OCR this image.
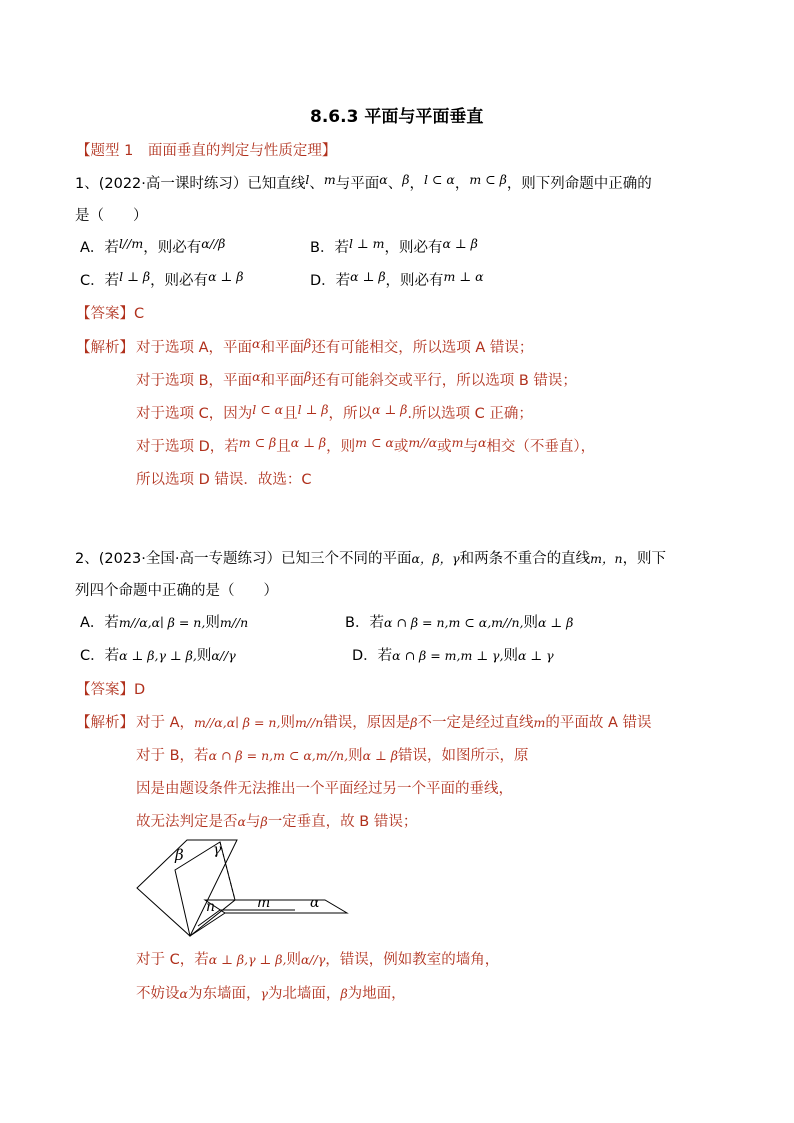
8.6.3 平面与平面垂直
【题型 1　面面垂直的判定与性质定理】
1、(2022·高一课时练习）已知直线l、m与平面α、β，l ⊂ α，m ⊂ β，则下列命题中正确的
是（　　）
A．若l//m，则必有α//β	B．若l ⊥ m，则必有α ⊥ β
C．若l ⊥ β，则必有α ⊥ β	D．若α ⊥ β，则必有m ⊥ α
【答案】C
【解析】 对于选项 A，平面α和平面β还有可能相交，所以选项 A 错误；
对于选项 B，平面α和平面β还有可能斜交或平行，所以选项 B 错误；
对于选项 C，因为l ⊂ α且l ⊥ β，所以α ⊥ β.所以选项 C 正确；
对于选项 D，若m ⊂ β且α ⊥ β，则m ⊂ α或m//α或m与α相交（不垂直），
所以选项 D 错误．故选：C
2、(2023·全国·高一专题练习）已知三个不同的平面α，β，γ和两条不重合的直线m，n，则下
列四个命题中正确的是（　　）
A．若m//α,α∣ β = n,则m//n	B．若α ∩ β = n,m ⊂ α,m//n,则α ⊥ β
C．若α ⊥ β,γ ⊥ β,则α//γ	D．若α ∩ β = m,m ⊥ γ,则α ⊥ γ
【答案】D
【解析】 对于 A，m//α,α∣ β = n,则m//n错误，原因是β不一定是经过直线m的平面故 A 错误
对于 B，若α ∩ β = n,m ⊂ α,m//n,则α ⊥ β错误，如图所示，原
因是由题设条件无法推出一个平面经过另一个平面的垂线，
故无法判定是否α与β一定垂直，故 B 错误；
β γ
n	m	α
对于 C，若α ⊥ β,γ ⊥ β,则α//γ，错误，例如教室的墙角，
不妨设α为东墙面，γ为北墙面，β为地面，
